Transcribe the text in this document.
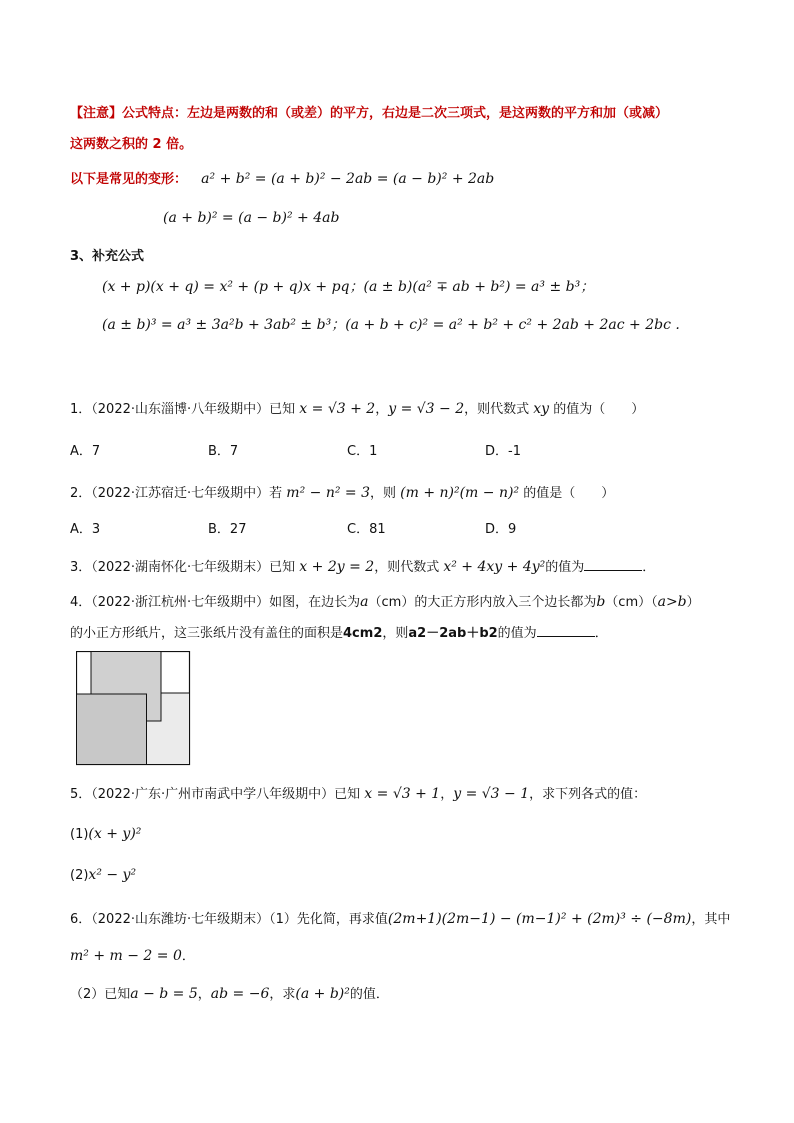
【注意】公式特点：左边是两数的和（或差）的平方，右边是二次三项式，是这两数的平方和加（或减）
这两数之积的 2 倍。
以下是常见的变形： a² + b² = (a + b)² − 2ab = (a − b)² + 2ab
(a + b)² = (a − b)² + 4ab
3、补充公式
(x + p)(x + q) = x² + (p + q)x + pq；(a ± b)(a² ∓ ab + b²) = a³ ± b³；
(a ± b)³ = a³ ± 3a²b + 3ab² ± b³；(a + b + c)² = a² + b² + c² + 2ab + 2ac + 2bc .
1．（2022·山东淄博·八年级期中）已知 x = √3 + 2，y = √3 − 2，则代数式 xy 的值为（　　）
A．7	B．7	C．1	D．-1
2．（2022·江苏宿迁·七年级期中）若 m² − n² = 3，则 (m + n)²(m − n)² 的值是（　　）
A．3	B．27	C．81	D．9
3．（2022·湖南怀化·七年级期末）已知 x + 2y = 2，则代数式 x² + 4xy + 4y²的值为	．
4．（2022·浙江杭州·七年级期中）如图，在边长为a（cm）的大正方形内放入三个边长都为b（cm）（a>b）
的小正方形纸片，这三张纸片没有盖住的面积是4cm2，则a2－2ab＋b2的值为	．
5．（2022·广东·广州市南武中学八年级期中）已知 x = √3 + 1，y = √3 − 1，求下列各式的值：
(1)(x + y)²
(2)x² − y²
6．（2022·山东潍坊·七年级期末）（1）先化简，再求值(2m+1)(2m−1) − (m−1)² + (2m)³ ÷ (−8m)，其中
m² + m − 2 = 0．
（2）已知a − b = 5，ab = −6，求(a + b)²的值．
